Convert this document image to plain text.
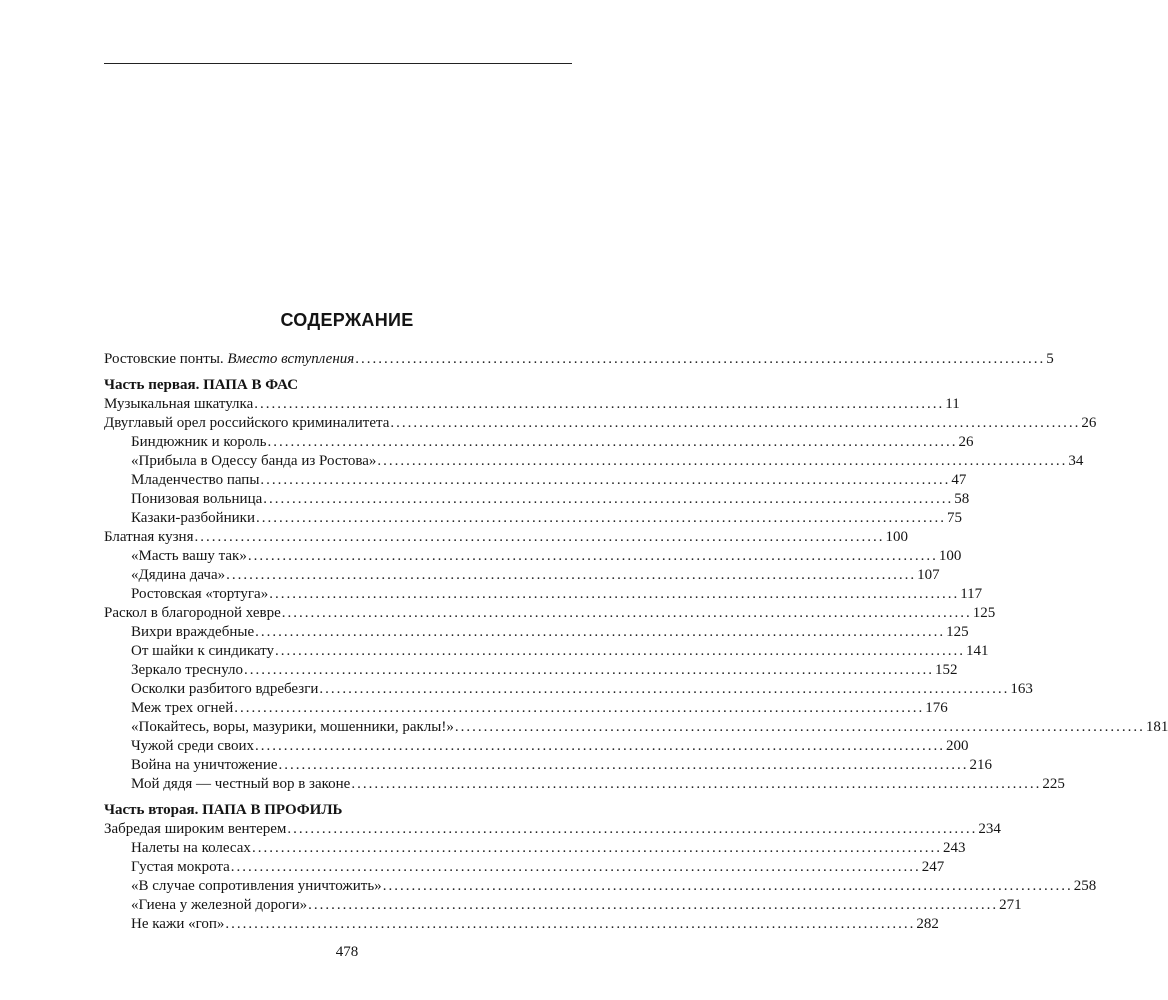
СОДЕРЖАНИЕ
Ростовские понты. Вместо вступления ........................................................................................................................ 5
Часть первая. ПАПА В ФАС
Музыкальная шкатулка ........................................................................................................................ 11
Двуглавый орел российского криминалитета ........................................................................................................................ 26
Биндюжник и король ........................................................................................................................ 26
«Прибыла в Одессу банда из Ростова» ........................................................................................................................ 34
Младенчество папы ........................................................................................................................ 47
Понизовая вольница ........................................................................................................................ 58
Казаки-разбойники ........................................................................................................................ 75
Блатная кузня ........................................................................................................................ 100
«Масть вашу так» ........................................................................................................................ 100
«Дядина дача» ........................................................................................................................ 107
Ростовская «тортуга» ........................................................................................................................ 117
Раскол в благородной хевре ........................................................................................................................ 125
Вихри враждебные ........................................................................................................................ 125
От шайки к синдикату ........................................................................................................................ 141
Зеркало треснуло ........................................................................................................................ 152
Осколки разбитого вдребезги ........................................................................................................................ 163
Меж трех огней ........................................................................................................................ 176
«Покайтесь, воры, мазурики, мошенники, раклы!» ........................................................................................................................ 181
Чужой среди своих ........................................................................................................................ 200
Война на уничтожение ........................................................................................................................ 216
Мой дядя — честный вор в законе ........................................................................................................................ 225
Часть вторая. ПАПА В ПРОФИЛЬ
Забредая широким вентерем ........................................................................................................................ 234
Налеты на колесах ........................................................................................................................ 243
Густая мокрота ........................................................................................................................ 247
«В случае сопротивления уничтожить» ........................................................................................................................ 258
«Гиена у железной дороги» ........................................................................................................................ 271
Не кажи «гоп» ........................................................................................................................ 282
478
